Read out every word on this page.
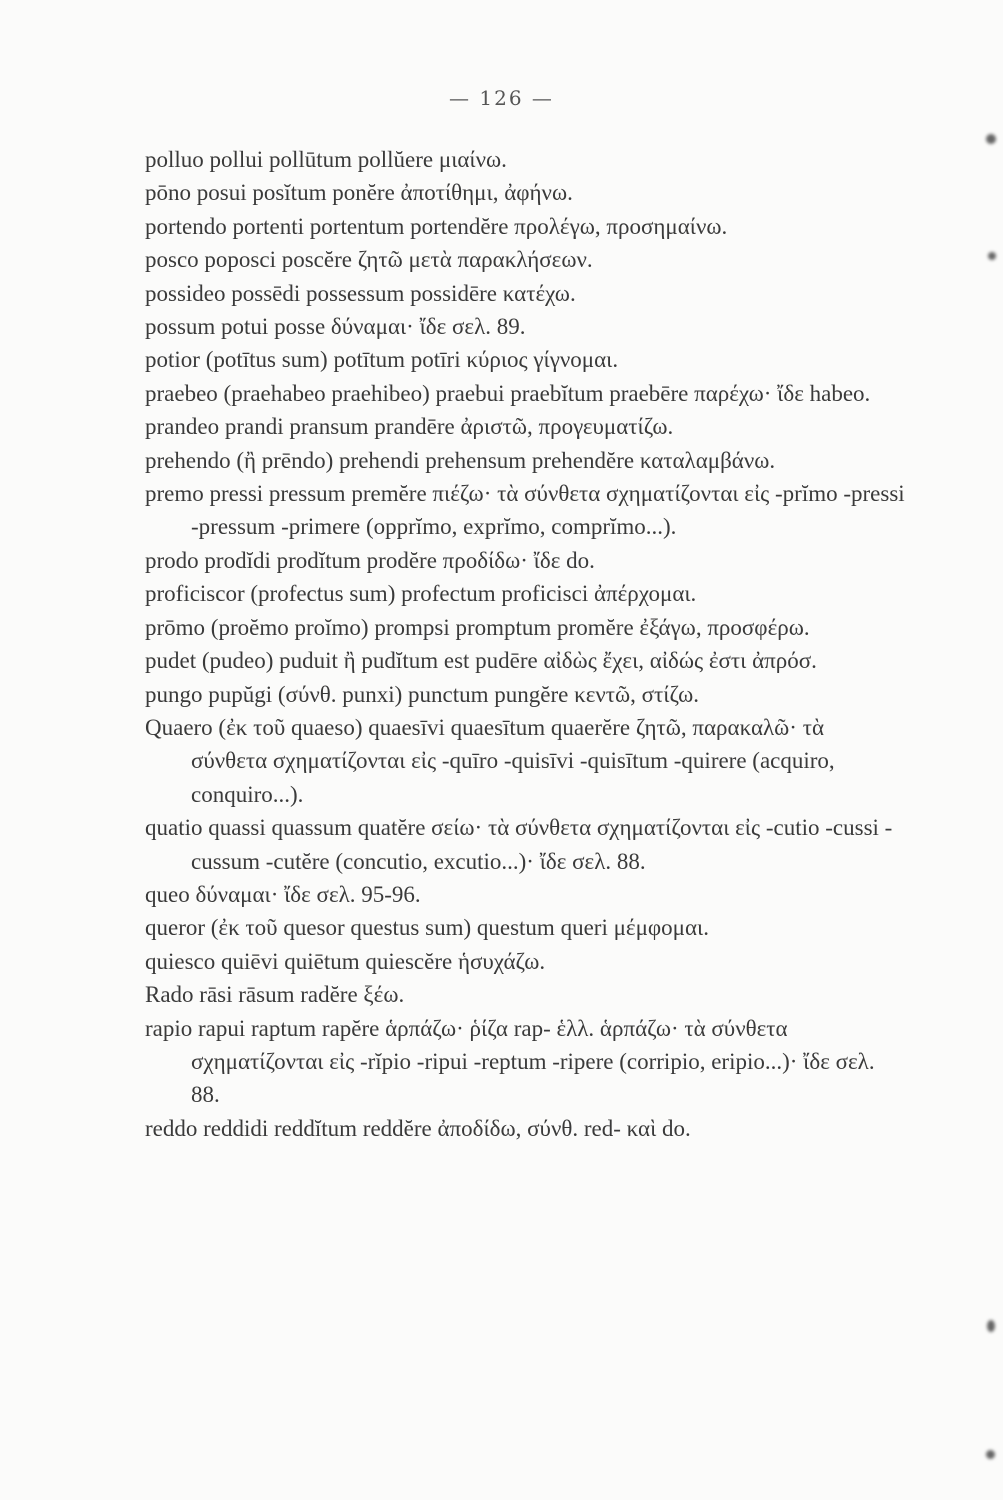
— 126 —
polluo pollui pollūtum pollŭere μιαίνω.
pōno posui posĭtum ponĕre ἀποτίθημι, ἀφήνω.
portendo portenti portentum portendĕre προλέγω, προσημαίνω.
posco poposci poscĕre ζητῶ μετὰ παρακλήσεων.
possideo possēdi possessum possidēre κατέχω.
possum potui posse δύναμαι· ἴδε σελ. 89.
potior (potītus sum) potītum potīri κύριος γίγνομαι.
praebeo (praehabeo praehibeo) praebui praebĭtum praebēre παρέχω· ἴδε habeo.
prandeo prandi pransum prandēre ἀριστῶ, προγευματίζω.
prehendo (ἢ prēndo) prehendi prehensum prehendĕre καταλαμβάνω.
premo pressi pressum premĕre πιέζω· τὰ σύνθετα σχηματίζονται εἰς -prĭmo -pressi -pressum -primere (opprĭmo, exprĭmo, comprĭmo...).
prodo prodĭdi prodĭtum prodĕre προδίδω· ἴδε do.
proficiscor (profectus sum) profectum proficisci ἀπέρχομαι.
prōmo (proĕmo proĭmo) prompsi promptum promĕre ἐξάγω, προσφέρω.
pudet (pudeo) puduit ἢ pudĭtum est pudēre αἰδὼς ἔχει, αἰδώς ἐστι ἀπρόσ.
pungo pupŭgi (σύνθ. punxi) punctum pungĕre κεντῶ, στίζω.
Quaero (ἐκ τοῦ quaeso) quaesīvi quaesītum quaerĕre ζητῶ, παρακαλῶ· τὰ σύνθετα σχηματίζονται εἰς -quīro -quisīvi -quisītum -quirere (acquiro, conquiro...).
quatio quassi quassum quatĕre σείω· τὰ σύνθετα σχηματίζονται εἰς -cutio -cussi -cussum -cutĕre (concutio, excutio...)· ἴδε σελ. 88.
queo δύναμαι· ἴδε σελ. 95-96.
queror (ἐκ τοῦ quesor questus sum) questum queri μέμφομαι.
quiesco quiēvi quiētum quiescĕre ἡσυχάζω.
Rado rāsi rāsum radĕre ξέω.
rapio rapui raptum rapĕre ἁρπάζω· ῥίζα rap- ἑλλ. ἁρπάζω· τὰ σύνθετα σχηματίζονται εἰς -rĭpio -ripui -reptum -ripere (corripio, eripio...)· ἴδε σελ. 88.
reddo reddidi reddĭtum reddĕre ἀποδίδω, σύνθ. red- καὶ do.
